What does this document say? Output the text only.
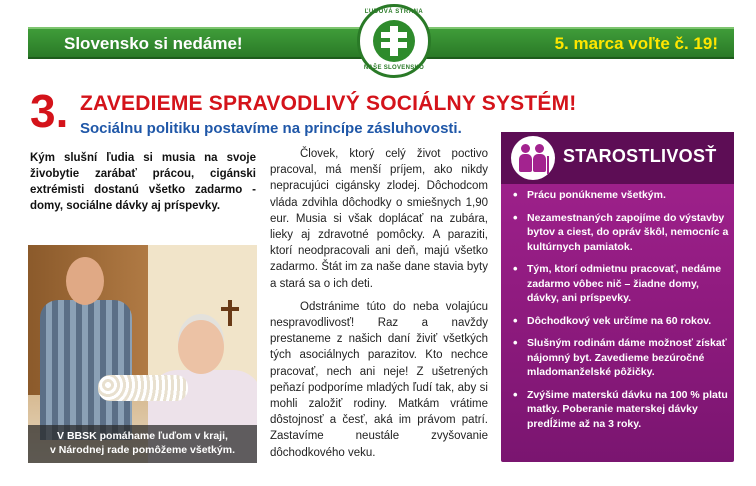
Slovensko si nedáme!	5. marca voľte č. 19!
ĽUDOVÁ STRANA
NAŠE SLOVENSKO
3. ZAVEDIEME SPRAVODLIVÝ SOCIÁLNY SYSTÉM!
Sociálnu politiku postavíme na princípe zásluhovosti.
Kým slušní ľudia si musia na svoje živobytie zarábať prácou, cigánski extrémisti dostanú všetko zadarmo - domy, sociálne dávky aj príspevky.
V BBSK pomáhame ľuďom v kraji,
v Národnej rade pomôžeme všetkým.

Človek, ktorý celý život poctivo pracoval, má menší príjem, ako nikdy nepracujúci cigánsky zlodej. Dôchodcom vláda zdvihla dôchodky o smiešnych 1,90 eur. Musia si však doplácať na zubára, lieky aj zdravotné pomôcky. A paraziti, ktorí neodpracovali ani deň, majú všetko zadarmo. Štát im za naše dane stavia byty a stará sa o ich deti.

Odstránime túto do neba volajúcu nespravodlivosť! Raz a navždy prestaneme z našich daní živiť všetkých tých asociálnych parazitov. Kto nechce pracovať, nech ani neje! Z ušetrených peňazí podporíme mladých ľudí tak, aby si mohli založiť rodiny. Matkám vrátime dôstojnosť a česť, aká im právom patrí. Zastavíme neustále zvyšovanie dôchodkového veku.

STAROSTLIVOSŤ
• Prácu ponúkneme všetkým.
• Nezamestnaných zapojíme do výstavby bytov a ciest, do opráv škôl, nemocníc a kultúrnych pamiatok.
• Tým, ktorí odmietnu pracovať, nedáme zadarmo vôbec nič – žiadne domy, dávky, ani príspevky.
• Dôchodkový vek určíme na 60 rokov.
• Slušným rodinám dáme možnosť získať nájomný byt. Zavedieme bezúročné mladomanželské pôžičky.
• Zvýšime materskú dávku na 100 % platu matky. Poberanie materskej dávky predĺžime až na 3 roky.
